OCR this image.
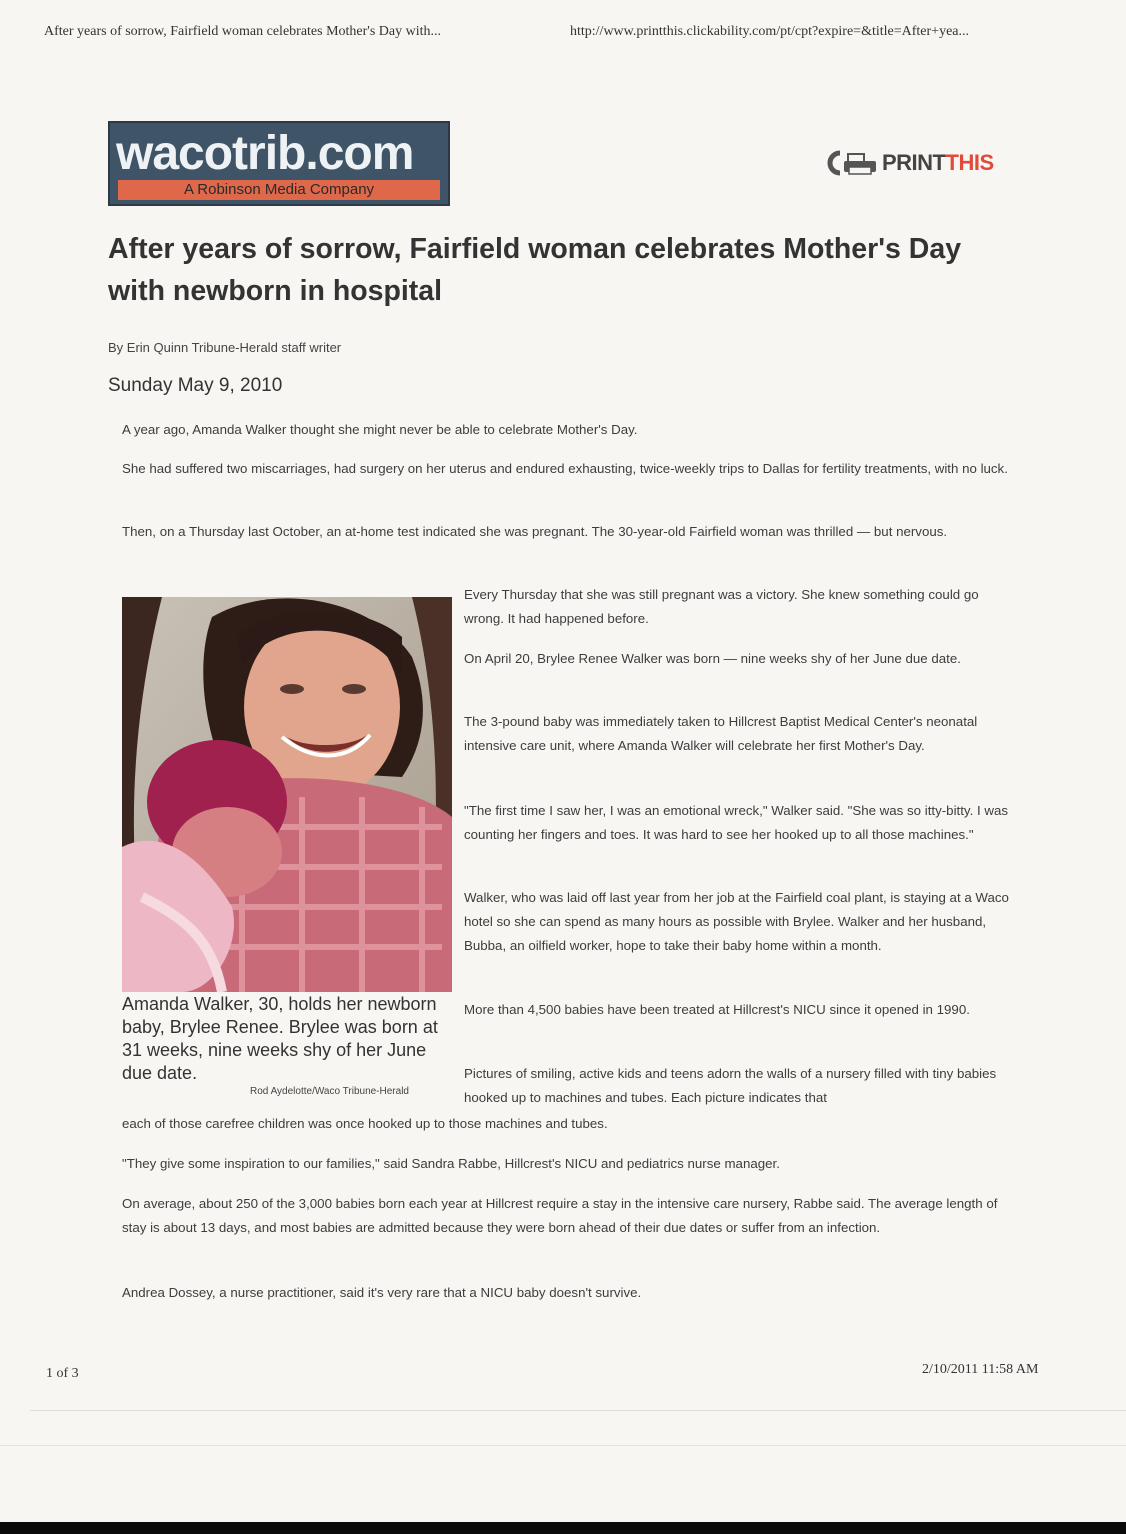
After years of sorrow, Fairfield woman celebrates Mother's Day with...	http://www.printthis.clickability.com/pt/cpt?expire=&title=After+yea...
wacotrib.com
A Robinson Media Company
PRINT THIS
After years of sorrow, Fairfield woman celebrates Mother's Day with newborn in hospital
By Erin Quinn Tribune-Herald staff writer
Sunday May 9, 2010

A year ago, Amanda Walker thought she might never be able to celebrate Mother's Day.

She had suffered two miscarriages, had surgery on her uterus and endured exhausting, twice-weekly trips to Dallas for fertility treatments, with no luck.

Then, on a Thursday last October, an at-home test indicated she was pregnant. The 30-year-old Fairfield woman was thrilled — but nervous.

Amanda Walker, 30, holds her newborn baby, Brylee Renee. Brylee was born at 31 weeks, nine weeks shy of her June due date.

Rod Aydelotte/Waco Tribune-Herald

Every Thursday that she was still pregnant was a victory. She knew something could go wrong. It had happened before.

On April 20, Brylee Renee Walker was born — nine weeks shy of her June due date.

The 3-pound baby was immediately taken to Hillcrest Baptist Medical Center's neonatal intensive care unit, where Amanda Walker will celebrate her first Mother's Day.

"The first time I saw her, I was an emotional wreck," Walker said. "She was so itty-bitty. I was counting her fingers and toes. It was hard to see her hooked up to all those machines."

Walker, who was laid off last year from her job at the Fairfield coal plant, is staying at a Waco hotel so she can spend as many hours as possible with Brylee. Walker and her husband, Bubba, an oilfield worker, hope to take their baby home within a month.

More than 4,500 babies have been treated at Hillcrest's NICU since it opened in 1990.

Pictures of smiling, active kids and teens adorn the walls of a nursery filled with tiny babies hooked up to machines and tubes. Each picture indicates that

each of those carefree children was once hooked up to those machines and tubes.

"They give some inspiration to our families," said Sandra Rabbe, Hillcrest's NICU and pediatrics nurse manager.

On average, about 250 of the 3,000 babies born each year at Hillcrest require a stay in the intensive care nursery, Rabbe said. The average length of stay is about 13 days, and most babies are admitted because they were born ahead of their due dates or suffer from an infection.

Andrea Dossey, a nurse practitioner, said it's very rare that a NICU baby doesn't survive.

1 of 3	2/10/2011 11:58 AM
